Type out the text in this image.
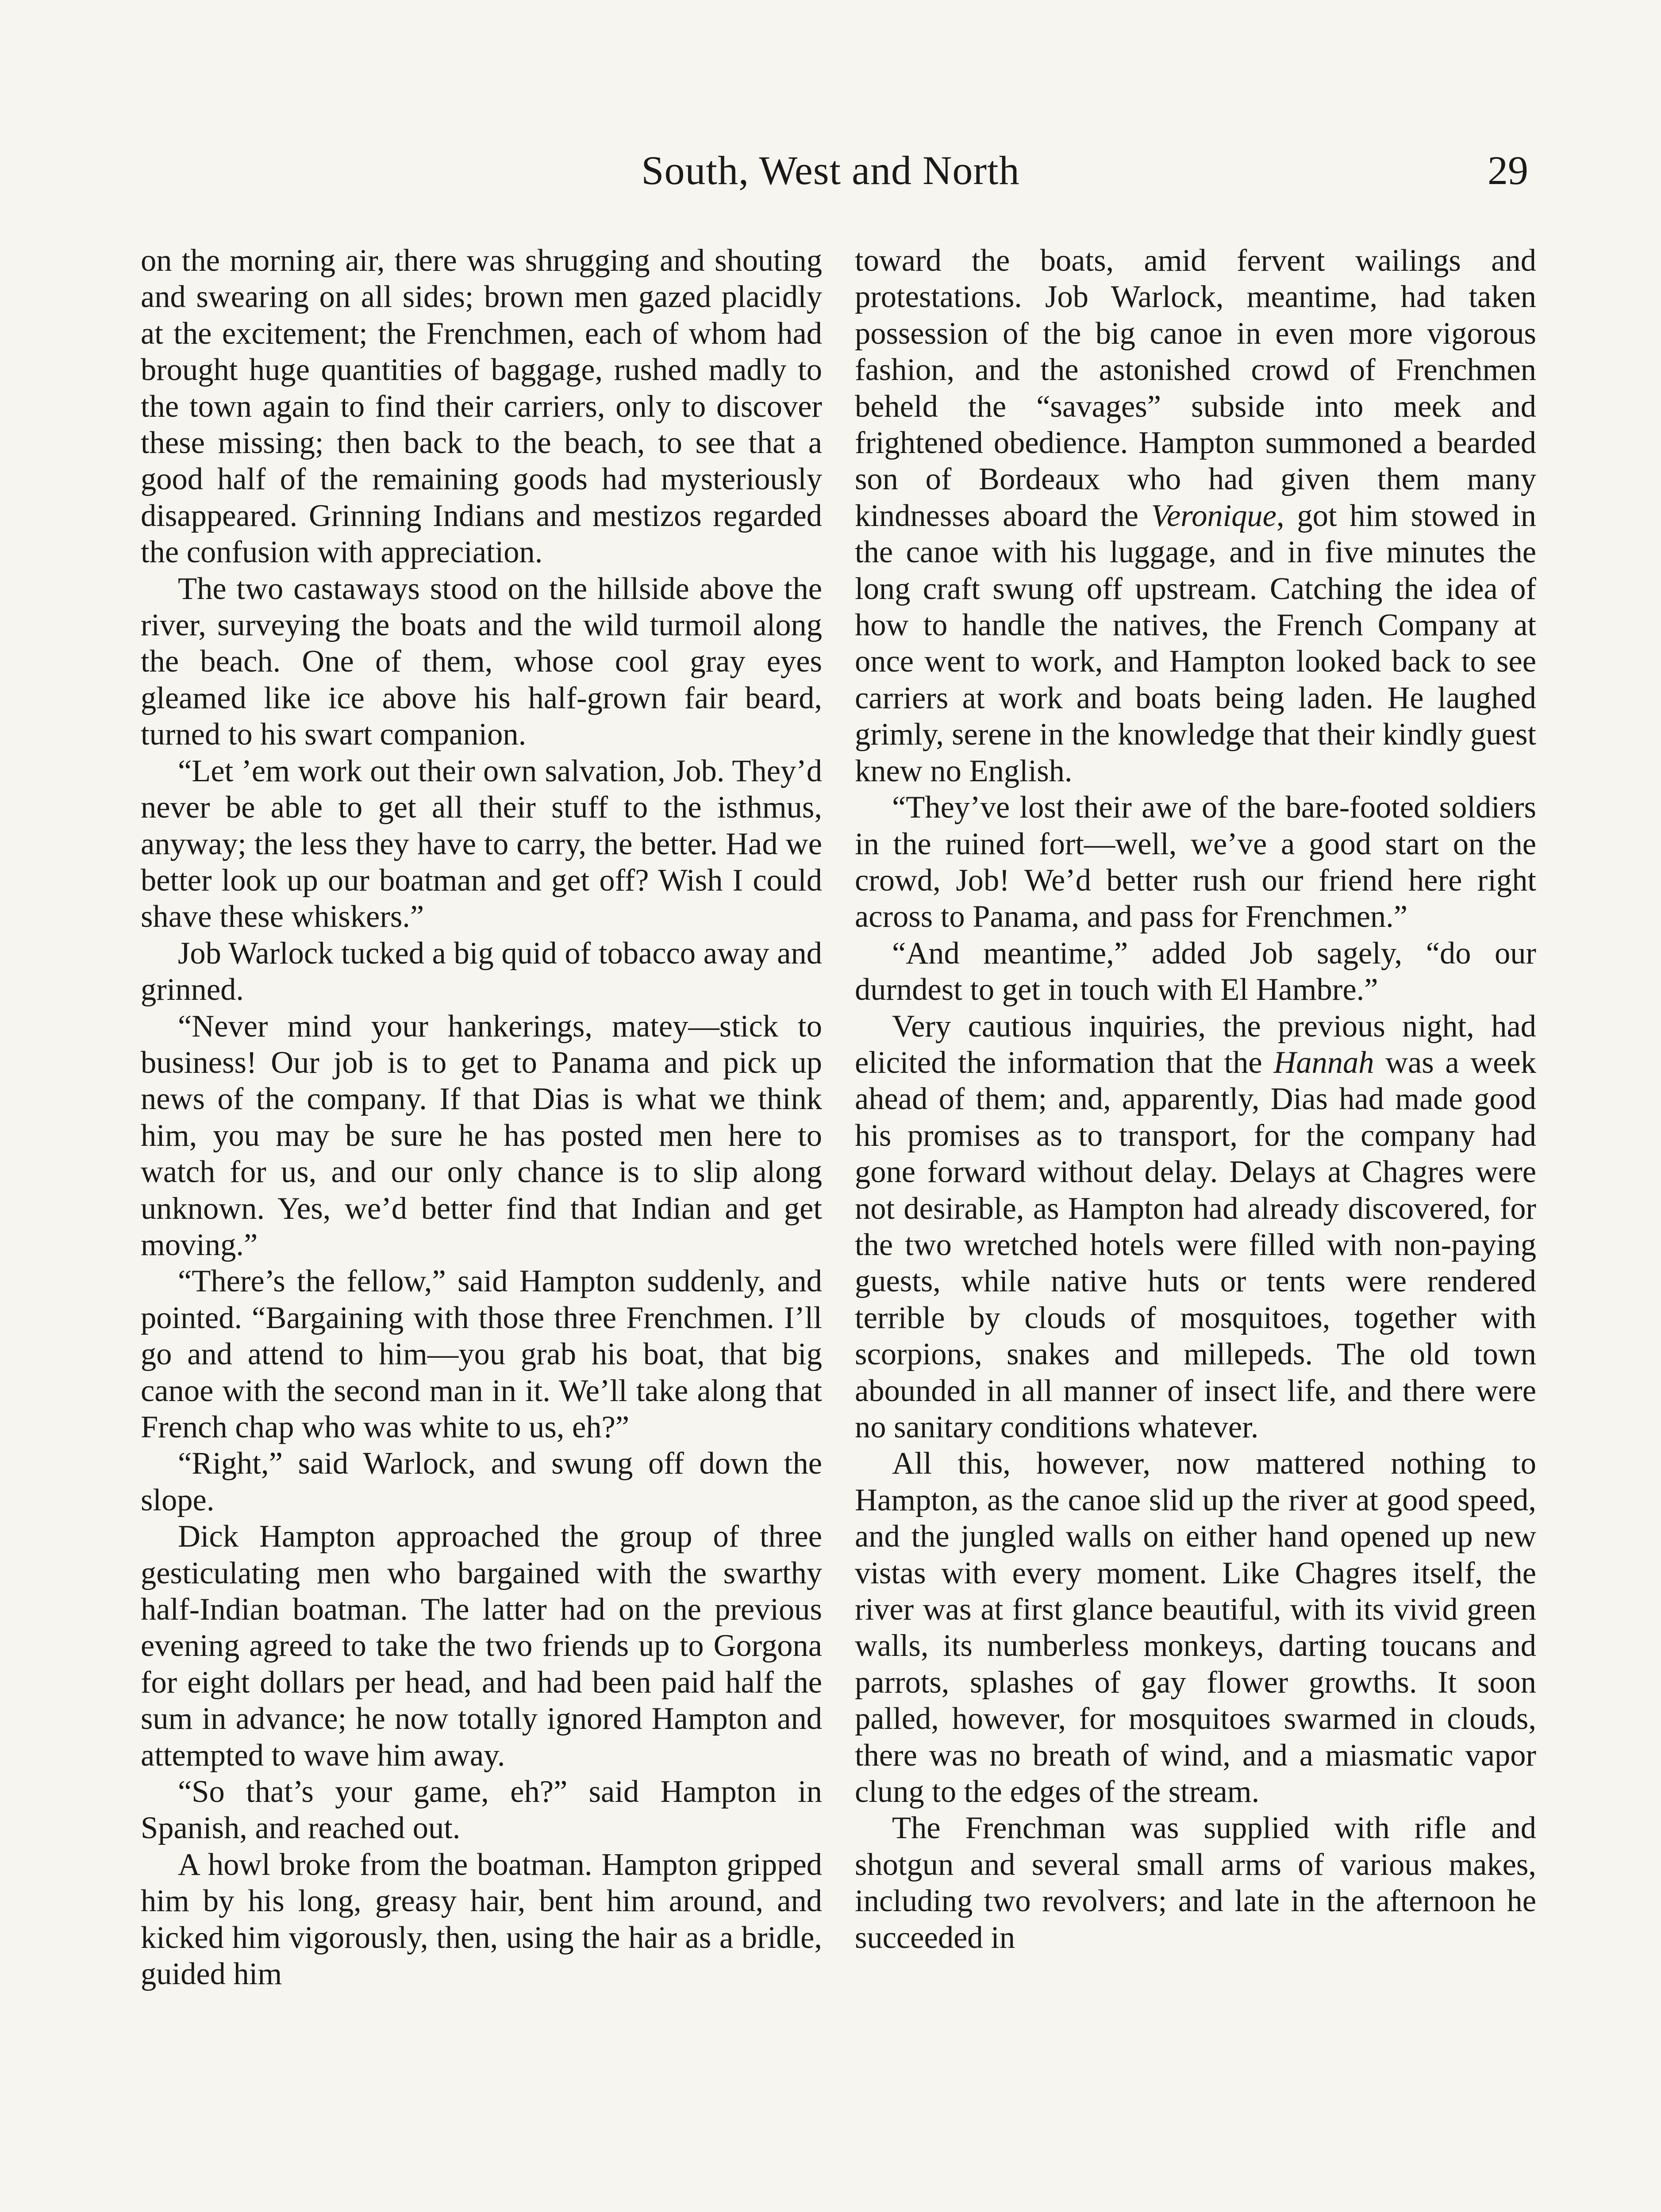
South, West and North	29

on the morning air, there was shrugging and shouting and swearing on all sides; brown men gazed placidly at the excitement; the Frenchmen, each of whom had brought huge quantities of baggage, rushed madly to the town again to find their carriers, only to discover these missing; then back to the beach, to see that a good half of the remaining goods had mysteriously disappeared. Grinning Indians and mestizos regarded the confusion with appreciation.

The two castaways stood on the hillside above the river, surveying the boats and the wild turmoil along the beach. One of them, whose cool gray eyes gleamed like ice above his half-grown fair beard, turned to his swart companion.

“Let ’em work out their own salvation, Job. They’d never be able to get all their stuff to the isthmus, anyway; the less they have to carry, the better. Had we better look up our boatman and get off? Wish I could shave these whiskers.”

Job Warlock tucked a big quid of tobacco away and grinned.

“Never mind your hankerings, matey—stick to business! Our job is to get to Panama and pick up news of the company. If that Dias is what we think him, you may be sure he has posted men here to watch for us, and our only chance is to slip along unknown. Yes, we’d better find that Indian and get moving.”

“There’s the fellow,” said Hampton suddenly, and pointed. “Bargaining with those three Frenchmen. I’ll go and attend to him—you grab his boat, that big canoe with the second man in it. We’ll take along that French chap who was white to us, eh?”

“Right,” said Warlock, and swung off down the slope.

Dick Hampton approached the group of three gesticulating men who bargained with the swarthy half-Indian boatman. The latter had on the previous evening agreed to take the two friends up to Gorgona for eight dollars per head, and had been paid half the sum in advance; he now totally ignored Hampton and attempted to wave him away.

“So that’s your game, eh?” said Hampton in Spanish, and reached out.

A howl broke from the boatman. Hampton gripped him by his long, greasy hair, bent him around, and kicked him vigorously, then, using the hair as a bridle, guided him

toward the boats, amid fervent wailings and protestations. Job Warlock, meantime, had taken possession of the big canoe in even more vigorous fashion, and the astonished crowd of Frenchmen beheld the “savages” subside into meek and frightened obedience. Hampton summoned a bearded son of Bordeaux who had given them many kindnesses aboard the Veronique, got him stowed in the canoe with his luggage, and in five minutes the long craft swung off upstream. Catching the idea of how to handle the natives, the French Company at once went to work, and Hampton looked back to see carriers at work and boats being laden. He laughed grimly, serene in the knowledge that their kindly guest knew no English.

“They’ve lost their awe of the bare-footed soldiers in the ruined fort—well, we’ve a good start on the crowd, Job! We’d better rush our friend here right across to Panama, and pass for Frenchmen.”

“And meantime,” added Job sagely, “do our durndest to get in touch with El Hambre.”

Very cautious inquiries, the previous night, had elicited the information that the Hannah was a week ahead of them; and, apparently, Dias had made good his promises as to transport, for the company had gone forward without delay. Delays at Chagres were not desirable, as Hampton had already discovered, for the two wretched hotels were filled with non-paying guests, while native huts or tents were rendered terrible by clouds of mosquitoes, together with scorpions, snakes and millepeds. The old town abounded in all manner of insect life, and there were no sanitary conditions whatever.

All this, however, now mattered nothing to Hampton, as the canoe slid up the river at good speed, and the jungled walls on either hand opened up new vistas with every moment. Like Chagres itself, the river was at first glance beautiful, with its vivid green walls, its numberless monkeys, darting toucans and parrots, splashes of gay flower growths. It soon palled, however, for mosquitoes swarmed in clouds, there was no breath of wind, and a miasmatic vapor clung to the edges of the stream.

The Frenchman was supplied with rifle and shotgun and several small arms of various makes, including two revolvers; and late in the afternoon he succeeded in
